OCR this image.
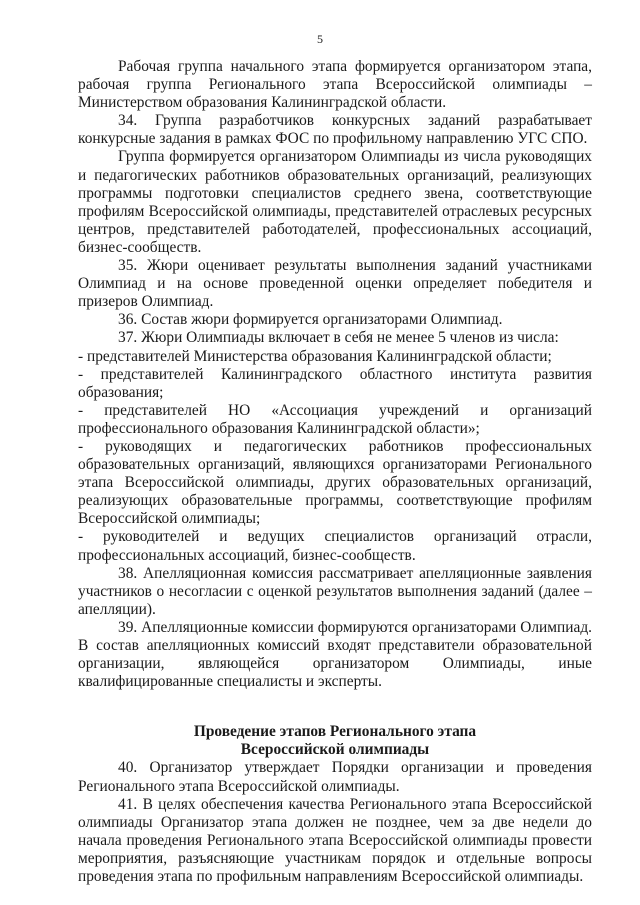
5

Рабочая группа начального этапа формируется организатором этапа, рабочая группа Регионального этапа Всероссийской олимпиады – Министерством образования Калининградской области.

34. Группа разработчиков конкурсных заданий разрабатывает конкурсные задания в рамках ФОС по профильному направлению УГС СПО.

Группа формируется организатором Олимпиады из числа руководящих и педагогических работников образовательных организаций, реализующих программы подготовки специалистов среднего звена, соответствующие профилям Всероссийской олимпиады, представителей отраслевых ресурсных центров, представителей работодателей, профессиональных ассоциаций, бизнес-сообществ.

35. Жюри оценивает результаты выполнения заданий участниками Олимпиад и на основе проведенной оценки определяет победителя и призеров Олимпиад.

36. Состав жюри формируется организаторами Олимпиад.

37. Жюри Олимпиады включает в себя не менее 5 членов из числа:

- представителей Министерства образования Калининградской области;

- представителей Калининградского областного института развития образования;

- представителей НО «Ассоциация учреждений и организаций профессионального образования Калининградской области»;

- руководящих и педагогических работников профессиональных образовательных организаций, являющихся организаторами Регионального этапа Всероссийской олимпиады, других образовательных организаций, реализующих образовательные программы, соответствующие профилям Всероссийской олимпиады;

- руководителей и ведущих специалистов организаций отрасли, профессиональных ассоциаций, бизнес-сообществ.

38. Апелляционная комиссия рассматривает апелляционные заявления участников о несогласии с оценкой результатов выполнения заданий (далее – апелляции).

39. Апелляционные комиссии формируются организаторами Олимпиад. В состав апелляционных комиссий входят представители образовательной организации, являющейся организатором Олимпиады, иные квалифицированные специалисты и эксперты.

Проведение этапов Регионального этапа

Всероссийской олимпиады

40. Организатор утверждает Порядки организации и проведения Регионального этапа Всероссийской олимпиады.

41. В целях обеспечения качества Регионального этапа Всероссийской олимпиады Организатор этапа должен не позднее, чем за две недели до начала проведения Регионального этапа Всероссийской олимпиады провести мероприятия, разъясняющие участникам порядок и отдельные вопросы проведения этапа по профильным направлениям Всероссийской олимпиады.
